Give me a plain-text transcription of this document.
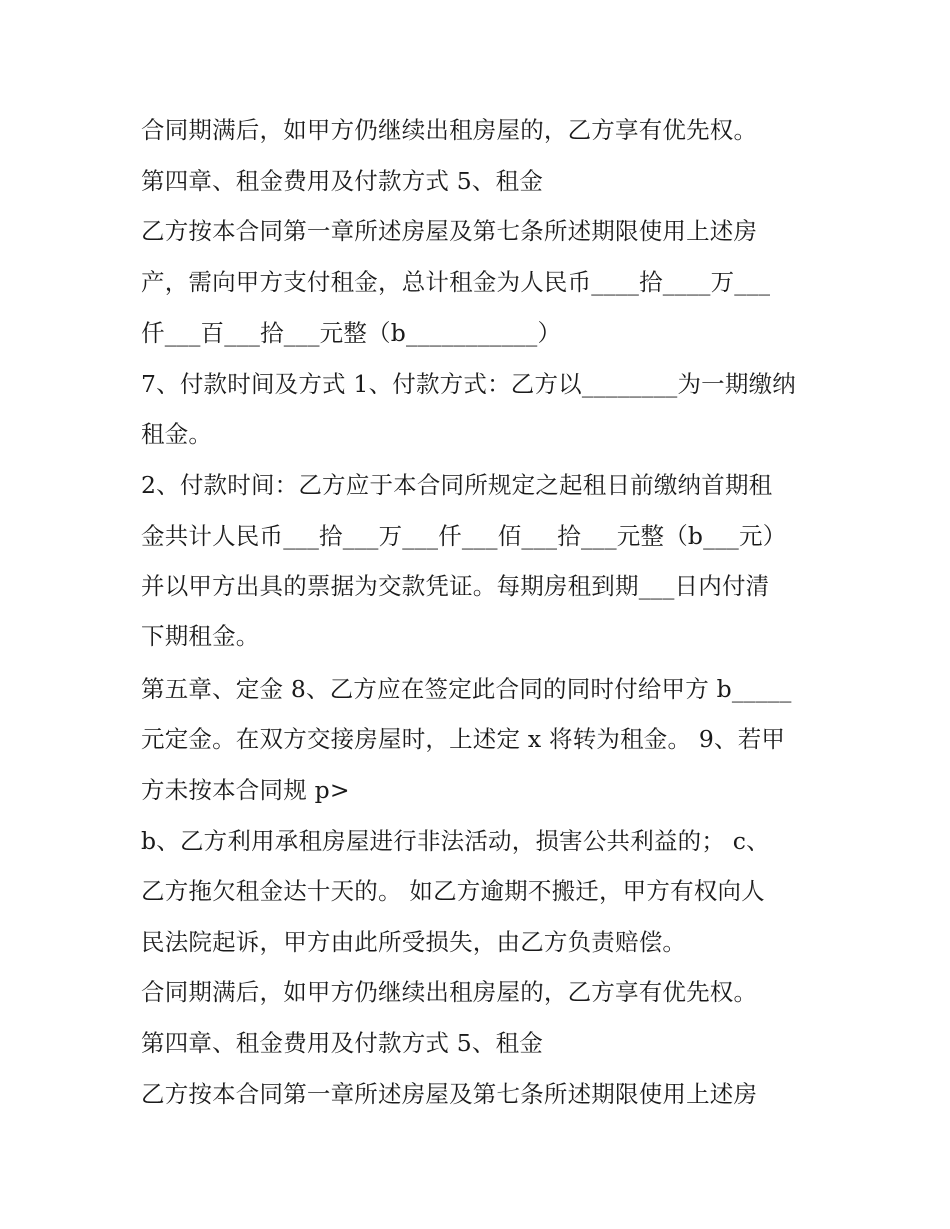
合同期满后，如甲方仍继续出租房屋的，乙方享有优先权。
第四章、租金费用及付款方式 5、租金
乙方按本合同第一章所述房屋及第七条所述期限使用上述房
产，需向甲方支付租金，总计租金为人民币____拾____万___
仟___百___拾___元整（b___________）
7、付款时间及方式 1、付款方式：乙方以________为一期缴纳
租金。
2、付款时间：乙方应于本合同所规定之起租日前缴纳首期租
金共计人民币___拾___万___仟___佰___拾___元整（b___元）
并以甲方出具的票据为交款凭证。每期房租到期___日内付清
下期租金。
第五章、定金 8、乙方应在签定此合同的同时付给甲方 b_____
元定金。在双方交接房屋时，上述定 x 将转为租金。 9、若甲
方未按本合同规 p>
b、乙方利用承租房屋进行非法活动，损害公共利益的； c、
乙方拖欠租金达十天的。 如乙方逾期不搬迁，甲方有权向人
民法院起诉，甲方由此所受损失，由乙方负责赔偿。
合同期满后，如甲方仍继续出租房屋的，乙方享有优先权。
第四章、租金费用及付款方式 5、租金
乙方按本合同第一章所述房屋及第七条所述期限使用上述房
